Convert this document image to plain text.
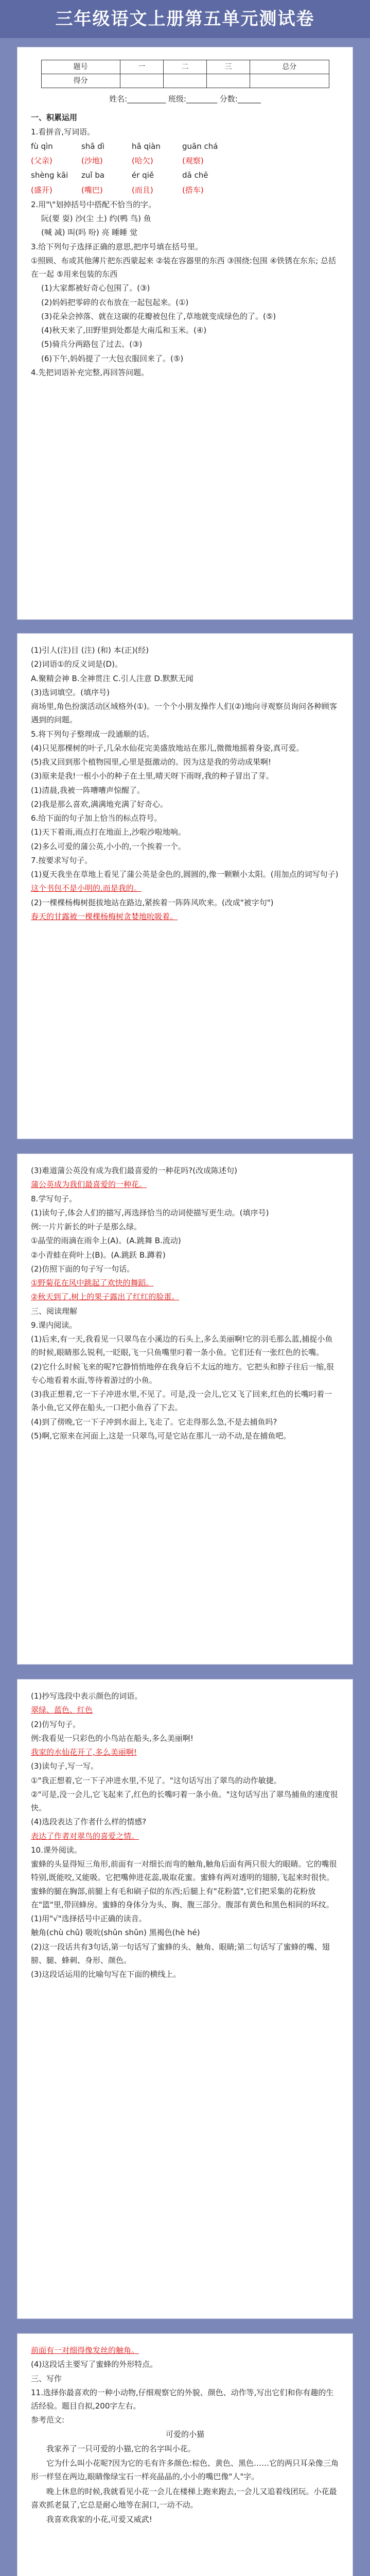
三年级语文上册第五单元测试卷
题号	一	二	三	总分
得分				
姓名:__________ 班级:________ 分数:______
一、积累运用
1.看拼音,写词语。
fù qìn	shā dì	hǎ qiàn	guān chá
(父亲)	(沙地)	(哈欠)	(观察)
shèng kāi	zuǐ ba	ér qiě	dā chē
(盛开)	(嘴巴)	(而且)	(搭车)
2.用"\"划掉括号中搭配不恰当的字。
阮(要 耍) 沙(尘 土) 约(鸭 鸟) 鱼
(喊 减) 叫(吗 吩) 亮 睡睡 觉
3.给下列句子选择正确的意思,把序号填在括号里。
①照顾、布或其他薄片把东西蒙起来 ②装在容器里的东西 ③围绕:包围 ④铁锈在东东; 总括在一起 ⑤用来包装的东西
(1)大家都被好奇心包围了。(③)
(2)妈妈把零碎的衣布放在一起包起来。(①)
(3)花朵会掉落、就在这碳的花瓣被包住了,草地就变成绿色的了。(⑤)
(4)秋天来了,田野里到处都是大南瓜和玉米。(④)
(5)骑兵分两路包了过去。(③)
(6)下午,妈妈提了一大包衣服回来了。(⑤)
4.先把词语补充完整,再回答问题。
(1)引人(注)目 (注) (和) 本(正)(经)
(2)词语①的反义词是(D)。
A.聚精会神 B.全神贯注 C.引人注意 D.默默无闻
(3)选词填空。(填序号)
商场里,角色扮演活动区域格外(①)。一个个小朋友操作人们(②)地向寻观察员询问各种顾客遇到的问题。
5.将下列句子整理成一段通顺的话。
(4)只见那棵树的叶子,几朵水仙花完美盛放地站在那儿,微微地摇着身姿,真可爱。
(5)我又回到那个植物园里,心里是挺激动的。因为这是我的劳动成果啊!
(3)原来是我!一根小小的种子在土里,晴天呀下雨呀,我的种子冒出了芽。
(1)清晨,我被一阵嘈嘈声惊醒了。
(2)我是那么喜欢,满满地充满了好奇心。
6.给下面的句子加上恰当的标点符号。
(1)天下着雨,雨点打在地面上,沙啦沙啦地响。
(2)多么可爱的蒲公英,小小的,一个挨着一个。
7.按要求写句子。
(1)夏天我坐在草地上看见了蒲公英是金色的,圆圆的,像一颗颗小太阳。(用加点的词写句子)
这个书包不是小明的,而是我的。
(2)一棵棵杨梅树挺拔地站在路边,紧挨着一阵阵风吹来。(改成"被字句")
春天的甘露被一棵棵杨梅树贪婪地吮吸着。
(3)难道蒲公英没有成为我们最喜爱的一种花吗?(改成陈述句)
蒲公英成为我们最喜爱的一种花。
8.学写句子。
(1)读句子,体会人们的描写,再选择恰当的动词使描写更生动。(填序号)
例:一片片新长的叶子是那么绿。
①晶莹的雨滴在雨伞上(A)。(A.跳舞 B.流动)
②小青蛙在荷叶上(B)。(A.跳跃 B.蹲着)
(2)仿照下面的句子写一句话。
①野菊花在风中跳起了欢快的舞蹈。
②秋天到了,树上的果子露出了红红的脸蛋。
三、阅读理解
9.课内阅读。
(1)后来,有一天,我看见一只翠鸟在小溪边的石头上,多么美丽啊!它的羽毛那么蓝,捕捉小鱼的时候,眼睛那么锐利,一眨眼,飞一只鱼嘴里叼着一条小鱼。它们还有一张红色的长嘴。
(2)它什么时候飞来的呢?它静悄悄地停在我身后不太远的地方。它把头和脖子往后一缩,很专心地看着水面,等待着游过的小鱼。
(3)我正想着,它一下子冲进水里,不见了。可是,没一会儿,它又飞了回来,红色的长嘴叼着一条小鱼,它又停在船头,一口把小鱼吞了下去。
(4)到了傍晚,它一下子冲到水面上,飞走了。它走得那么急,不是去捕鱼吗?
(5)啊,它原来在河面上,这是一只翠鸟,可是它站在那儿一动不动,是在捕鱼吧。
(1)抄写选段中表示颜色的词语。
翠绿、蓝色、红色
(2)仿写句子。
例:我看见一只彩色的小鸟站在船头,多么美丽啊!
我家的水仙花开了,多么美丽啊!
(3)读句子,写一写。
①"我正想着,它一下子冲进水里,不见了。"这句话写出了翠鸟的动作敏捷。
②"可是,没一会儿,它飞起来了,红色的长嘴叼着一条小鱼。"这句话写出了翠鸟捕鱼的速度很快。
(4)选段表达了作者什么样的情感?
表达了作者对翠鸟的喜爱之情。
10.课外阅读。
蜜蜂的头显得短三角形,前面有一对细长而弯的触角,触角后面有两只很大的眼睛。它的嘴很特别,既能咬,又能吸。它把嘴伸进花蕊,吸取花蜜。蜜蜂有两对透明的翅膀,飞起来时很快。蜜蜂的腿在胸部,前腿上有毛和刷子似的东西;后腿上有"花粉篮",它们把采集的花粉放在"篮"里,带回蜂房。蜜蜂的身体分为头、胸、腹三部分。腹部有黄色和黑色相间的环纹。
(1)用"√"选择括号中正确的读音。
触角(chù chǔ) 吸吮(shǔn shǔn) 黑褐色(hè hé)
(2)这一段话共有3句话,第一句话写了蜜蜂的头、触角、眼睛;第二句话写了蜜蜂的嘴、翅膀、腿、蜂刺、身形、颜色。
(3)这段话运用的比喻句写在下面的横线上。
前面有一对细得像发丝的触角。
(4)这段话主要写了蜜蜂的外形特点。
三、写作
11.选择你最喜欢的一种小动物,仔细观察它的外貌、颜色、动作等,写出它们和你有趣的生活经验。题目自拟,200字左右。
参考范文:
可爱的小猫

我家养了一只可爱的小猫,它的名字叫小花。

它为什么叫小花呢?因为它的毛有许多颜色:棕色、黄色、黑色……它的两只耳朵像三角形一样竖在两边,眼睛像绿宝石一样亮晶晶的,小小的嘴巴像"人"字。

晚上休息的时候,我就看见小花一会儿在楼梯上跑来跑去,一会儿又追着线团玩。小花最喜欢抓老鼠了,它总是耐心地等在洞口,一动不动。

我喜欢我家的小花,可爱又威武!
